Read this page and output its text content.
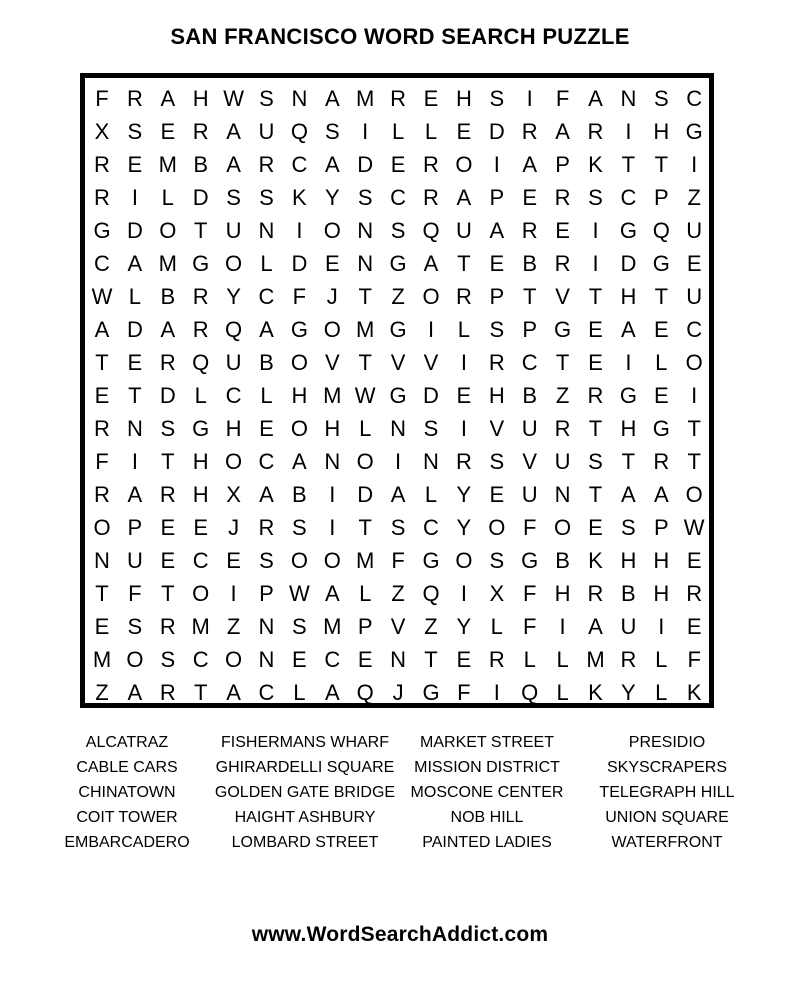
SAN FRANCISCO WORD SEARCH PUZZLE
F R A H W S N A M R E H S	I	F A N S C
X S E R A U Q S	I	L L E D R A R I H G
R E M B A R C A D E R O I	A P K T T	I
R I	L D S S K Y S C R A P E R S C P Z
G D O T U N I O N S Q U A R E	I G Q U
C A M G O L D E N G A T E B R I D G E
W L B R Y C F J T Z O R P T V T H T U
A D A R Q A G O M G I	L S P G E A E C
T E R Q U B O V T V V	I R C T E	I	L O
E T D L C L H M W G D E H B Z R G E	I
R N S G H E O H L N S	I	V U R T H G T
F	I	T H O C A N O I N R S V U S T R T
R A R H X A B	I D A L Y E U N T A A O
O P E E J R S	I	T S C Y O F O E S P W
N U E C E S O O M F G O S G B K H H E
T F T O I	P W A L Z Q I	X F H R B H R
E S R M Z N S M P V Z Y L F	I	A U I	E
M O S C O N E C E N T E R L L M R L F
Z A R T A C L A Q J G F	I Q L K Y L K
ALCATRAZ
CABLE CARS
CHINATOWN
COIT TOWER
EMBARCADERO
FISHERMANS WHARF
GHIRARDELLI SQUARE
GOLDEN GATE BRIDGE
HAIGHT ASHBURY
LOMBARD STREET
MARKET STREET
MISSION DISTRICT
MOSCONE CENTER
NOB HILL
PAINTED LADIES
PRESIDIO
SKYSCRAPERS
TELEGRAPH HILL
UNION SQUARE
WATERFRONT
www.WordSearchAddict.com
